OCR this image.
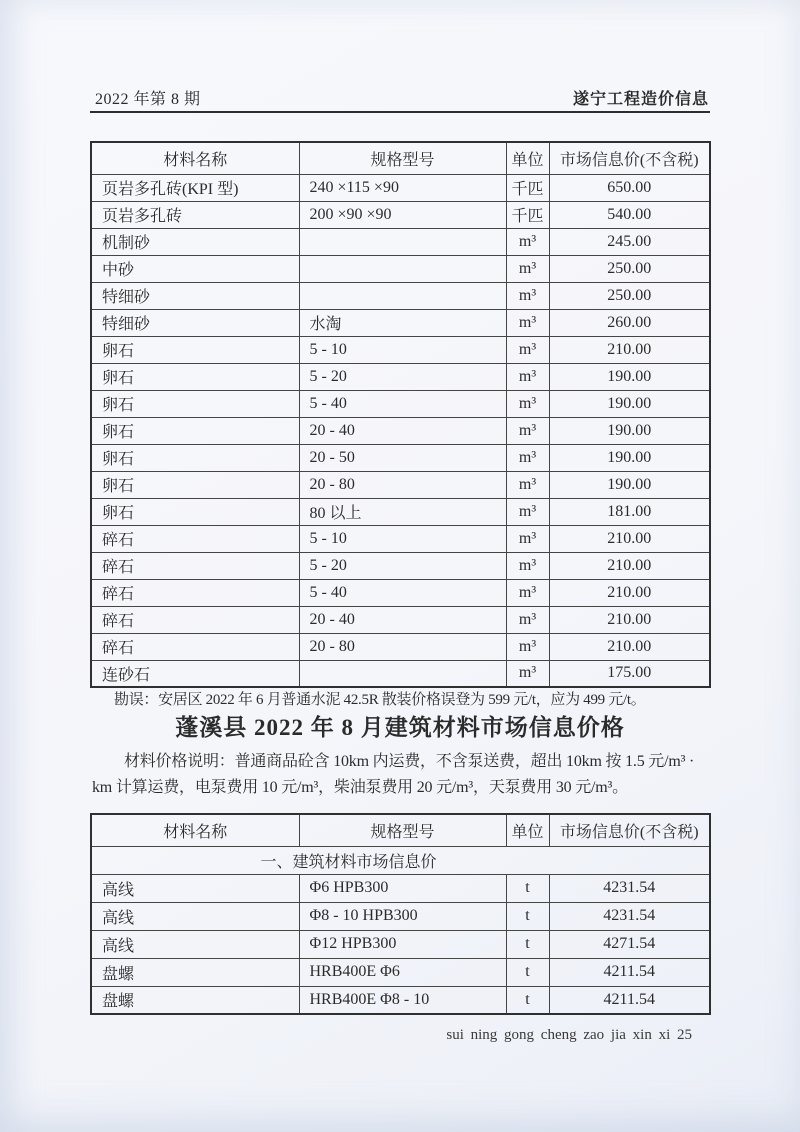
2022 年第 8 期	遂宁工程造价信息
材料名称	规格型号	单位	市场信息价(不含税)
页岩多孔砖(KPI 型)	240 ×115 ×90	千匹	650.00
页岩多孔砖	200 ×90 ×90	千匹	540.00
机制砂		m³	245.00
中砂		m³	250.00
特细砂		m³	250.00
特细砂	水淘	m³	260.00
卵石	5 - 10	m³	210.00
卵石	5 - 20	m³	190.00
卵石	5 - 40	m³	190.00
卵石	20 - 40	m³	190.00
卵石	20 - 50	m³	190.00
卵石	20 - 80	m³	190.00
卵石	80 以上	m³	181.00
碎石	5 - 10	m³	210.00
碎石	5 - 20	m³	210.00
碎石	5 - 40	m³	210.00
碎石	20 - 40	m³	210.00
碎石	20 - 80	m³	210.00
连砂石		m³	175.00

勘误：安居区 2022 年 6 月普通水泥 42.5R 散装价格误登为 599 元/t，应为 499 元/t。

蓬溪县 2022 年 8 月建筑材料市场信息价格

材料价格说明：普通商品砼含 10km 内运费，不含泵送费，超出 10km 按 1.5 元/m³ · km 计算运费，电泵费用 10 元/m³，柴油泵费用 20 元/m³，天泵费用 30 元/m³。

材料名称	规格型号	单位	市场信息价(不含税)
一、建筑材料市场信息价			
高线	Φ6 HPB300	t	4231.54
高线	Φ8 - 10 HPB300	t	4231.54
高线	Φ12 HPB300	t	4271.54
盘螺	HRB400E Φ6	t	4211.54
盘螺	HRB400E Φ8 - 10	t	4211.54
sui ning gong cheng zao jia xin xi 25
